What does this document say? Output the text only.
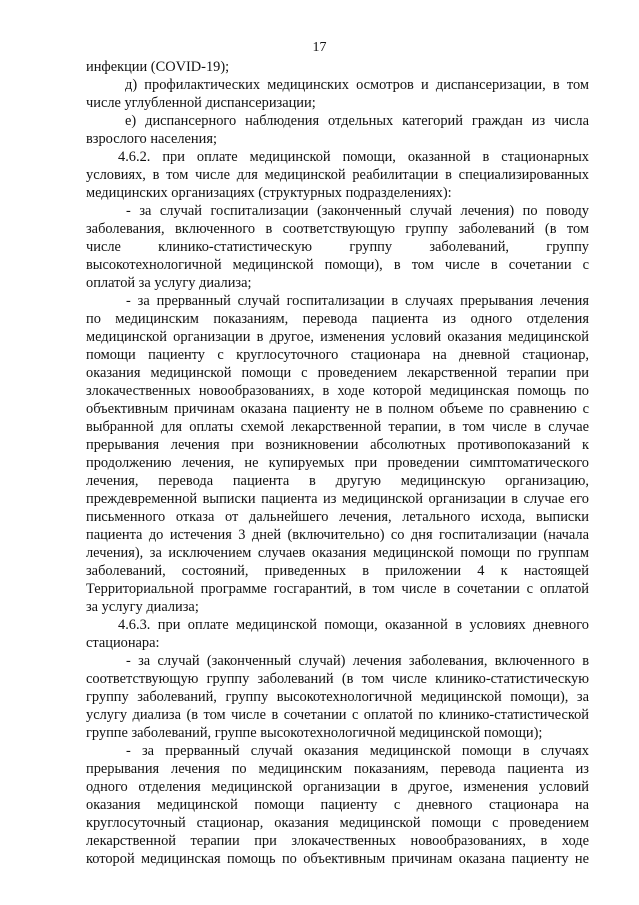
17
инфекции (COVID-19);
д) профилактических медицинских осмотров и диспансеризации, в том
числе углубленной диспансеризации;
е) диспансерного наблюдения отдельных категорий граждан из числа
взрослого населения;
4.6.2. при оплате медицинской помощи, оказанной в стационарных
условиях, в том числе для медицинской реабилитации в специализированных
медицинских организациях (структурных подразделениях):
- за случай госпитализации (законченный случай лечения) по поводу
заболевания, включенного в соответствующую группу заболеваний (в том
числе клинико-статистическую группу заболеваний, группу
высокотехнологичной медицинской помощи), в том числе в сочетании с
оплатой за услугу диализа;
- за прерванный случай госпитализации в случаях прерывания лечения
по медицинским показаниям, перевода пациента из одного отделения
медицинской организации в другое, изменения условий оказания медицинской
помощи пациенту с круглосуточного стационара на дневной стационар,
оказания медицинской помощи с проведением лекарственной терапии при
злокачественных новообразованиях, в ходе которой медицинская помощь по
объективным причинам оказана пациенту не в полном объеме по сравнению с
выбранной для оплаты схемой лекарственной терапии, в том числе в случае
прерывания лечения при возникновении абсолютных противопоказаний к
продолжению лечения, не купируемых при проведении симптоматического
лечения, перевода пациента в другую медицинскую организацию,
преждевременной выписки пациента из медицинской организации в случае его
письменного отказа от дальнейшего лечения, летального исхода, выписки
пациента до истечения 3 дней (включительно) со дня госпитализации (начала
лечения), за исключением случаев оказания медицинской помощи по группам
заболеваний, состояний, приведенных в приложении 4 к настоящей
Территориальной программе госгарантий, в том числе в сочетании с оплатой
за услугу диализа;
4.6.3. при оплате медицинской помощи, оказанной в условиях дневного
стационара:
- за случай (законченный случай) лечения заболевания, включенного в
соответствующую группу заболеваний (в том числе клинико-статистическую
группу заболеваний, группу высокотехнологичной медицинской помощи), за
услугу диализа (в том числе в сочетании с оплатой по клинико-статистической
группе заболеваний, группе высокотехнологичной медицинской помощи);
- за прерванный случай оказания медицинской помощи в случаях
прерывания лечения по медицинским показаниям, перевода пациента из
одного отделения медицинской организации в другое, изменения условий
оказания медицинской помощи пациенту с дневного стационара на
круглосуточный стационар, оказания медицинской помощи с проведением
лекарственной терапии при злокачественных новообразованиях, в ходе
которой медицинская помощь по объективным причинам оказана пациенту не
